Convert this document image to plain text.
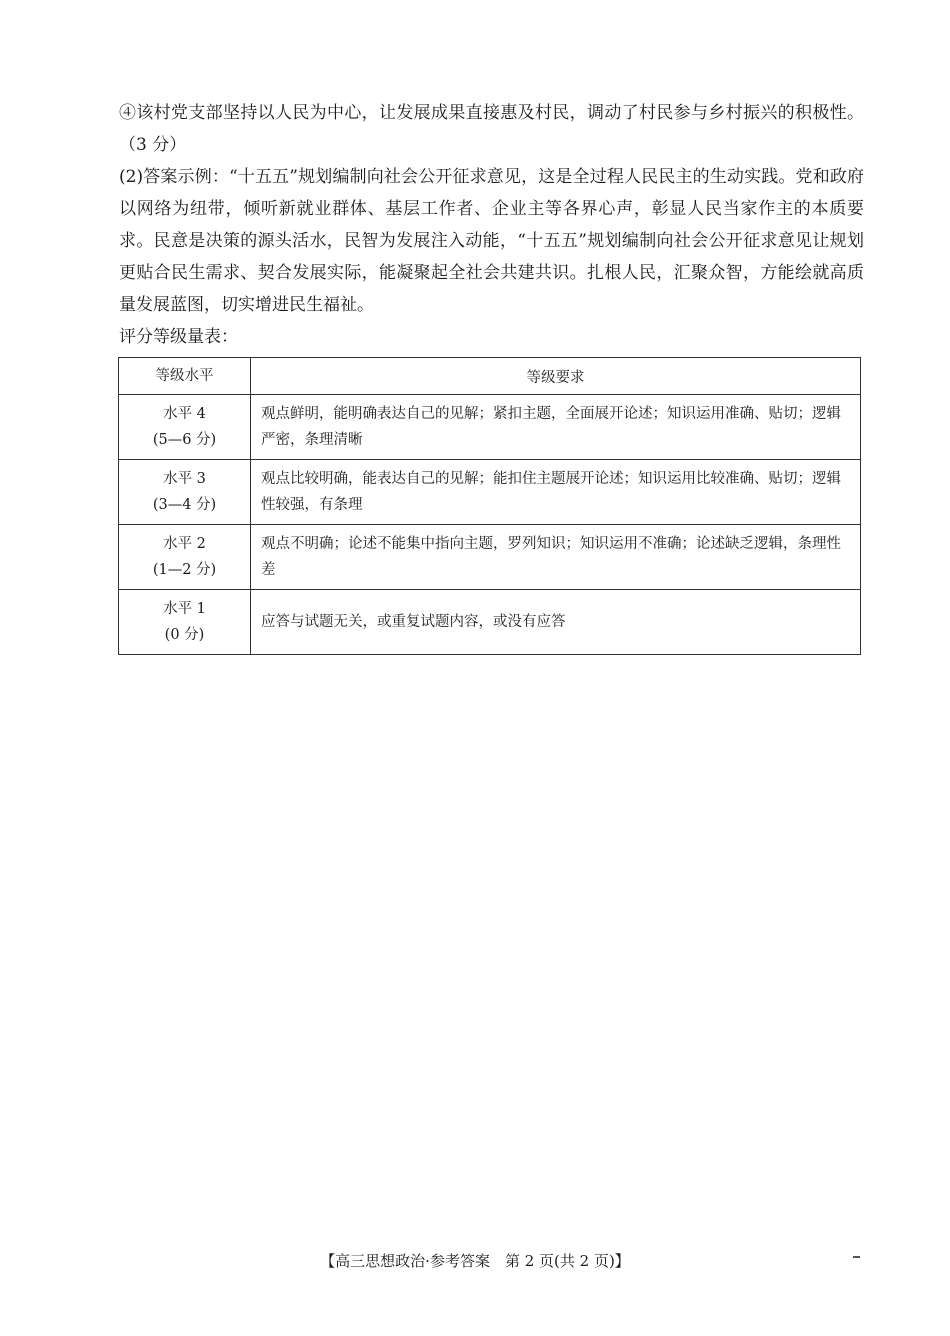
④该村党支部坚持以人民为中心，让发展成果直接惠及村民，调动了村民参与乡村振兴的积极性。（3 分）

(2)答案示例：“十五五”规划编制向社会公开征求意见，这是全过程人民民主的生动实践。党和政府以网络为纽带，倾听新就业群体、基层工作者、企业主等各界心声，彰显人民当家作主的本质要求。民意是决策的源头活水，民智为发展注入动能，“十五五”规划编制向社会公开征求意见让规划更贴合民生需求、契合发展实际，能凝聚起全社会共建共识。扎根人民，汇聚众智，方能绘就高质量发展蓝图，切实增进民生福祉。

评分等级量表：
等级水平	等级要求

水平 4
(5—6 分)	观点鲜明，能明确表达自己的见解；紧扣主题，全面展开论述；知识运用准确、贴切；逻辑严密，条理清晰

水平 3
(3—4 分)	观点比较明确，能表达自己的见解；能扣住主题展开论述；知识运用比较准确、贴切；逻辑性较强，有条理

水平 2
(1—2 分)	观点不明确；论述不能集中指向主题，罗列知识；知识运用不准确；论述缺乏逻辑，条理性差

水平 1
(0 分)	应答与试题无关，或重复试题内容，或没有应答
【高三思想政治·参考答案　第 2 页(共 2 页)】
